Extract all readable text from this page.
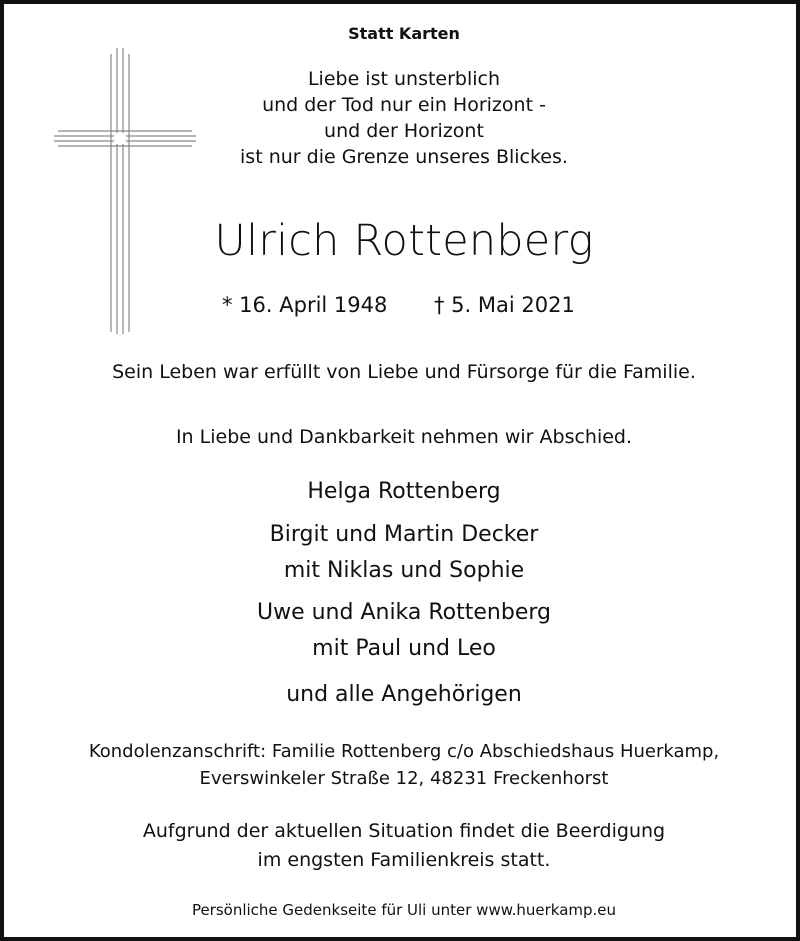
Statt Karten
Liebe ist unsterblich
und der Tod nur ein Horizont -
und der Horizont
ist nur die Grenze unseres Blickes.
Ulrich Rottenberg
* 16. April 1948 † 5. Mai 2021
Sein Leben war erfüllt von Liebe und Fürsorge für die Familie.
In Liebe und Dankbarkeit nehmen wir Abschied.
Helga Rottenberg
Birgit und Martin Decker
mit Niklas und Sophie
Uwe und Anika Rottenberg
mit Paul und Leo
und alle Angehörigen
Kondolenzanschrift: Familie Rottenberg c/o Abschiedshaus Huerkamp,
Everswinkeler Straße 12, 48231 Freckenhorst
Aufgrund der aktuellen Situation findet die Beerdigung
im engsten Familienkreis statt.
Persönliche Gedenkseite für Uli unter www.huerkamp.eu
